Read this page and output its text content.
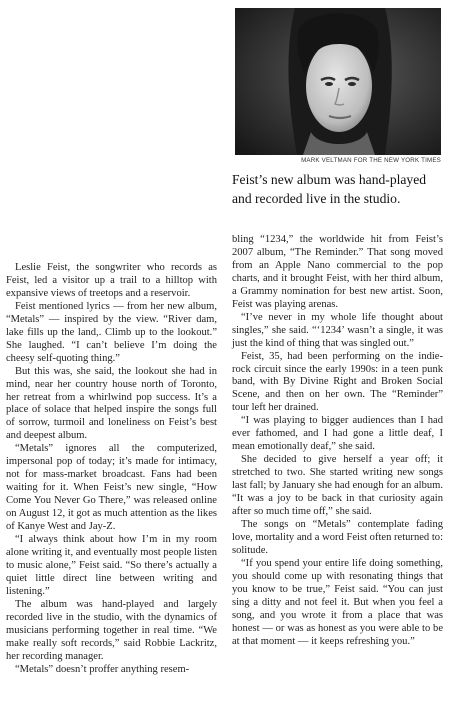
MARK VELTMAN FOR THE NEW YORK TIMES
Feist’s new album was hand-played and recorded live in the studio.

Leslie Feist, the songwriter who records as Feist, led a visitor up a trail to a hilltop with expansive views of treetops and a reservoir.

Feist mentioned lyrics — from her new album, “Metals” — inspired by the view. “River dam, lake fills up the land,. Climb up to the lookout.” She laughed. “I can’t believe I’m doing the cheesy self-quoting thing.”

But this was, she said, the lookout she had in mind, near her country house north of Toronto, her retreat from a whirlwind pop success. It’s a place of solace that helped inspire the songs full of sorrow, turmoil and loneliness on Feist’s best and deepest album.

“Metals” ignores all the computerized, impersonal pop of today; it’s made for intimacy, not for mass-market broadcast. Fans had been waiting for it. When Feist’s new single, “How Come You Never Go There,” was released online on August 12, it got as much attention as the likes of Kanye West and Jay-Z.

“I always think about how I’m in my room alone writing it, and eventually most people listen to music alone,” Feist said. “So there’s actually a quiet little direct line between writing and listening.”

The album was hand-played and largely recorded live in the studio, with the dynamics of musicians performing together in real time. “We make really soft records,” said Robbie Lackritz, her recording manager.

“Metals” doesn’t proffer anything resem-

bling “1234,” the worldwide hit from Feist’s 2007 album, “The Reminder.” That song moved from an Apple Nano commercial to the pop charts, and it brought Feist, with her third album, a Grammy nomination for best new artist. Soon, Feist was playing arenas.

“I’ve never in my whole life thought about singles,” she said. “‘1234’ wasn’t a single, it was just the kind of thing that was singled out.”

Feist, 35, had been performing on the indie-rock circuit since the early 1990s: in a teen punk band, with By Divine Right and Broken Social Scene, and then on her own. The “Reminder” tour left her drained.

“I was playing to bigger audiences than I had ever fathomed, and I had gone a little deaf, I mean emotionally deaf,” she said.

She decided to give herself a year off; it stretched to two. She started writing new songs last fall; by January she had enough for an album. “It was a joy to be back in that curiosity again after so much time off,” she said.

The songs on “Metals” contemplate fading love, mortality and a word Feist often returned to: solitude.

“If you spend your entire life doing something, you should come up with resonating things that you know to be true,” Feist said. “You can just sing a ditty and not feel it. But when you feel a song, and you wrote it from a place that was honest — or was as honest as you were able to be at that moment — it keeps refreshing you.”
